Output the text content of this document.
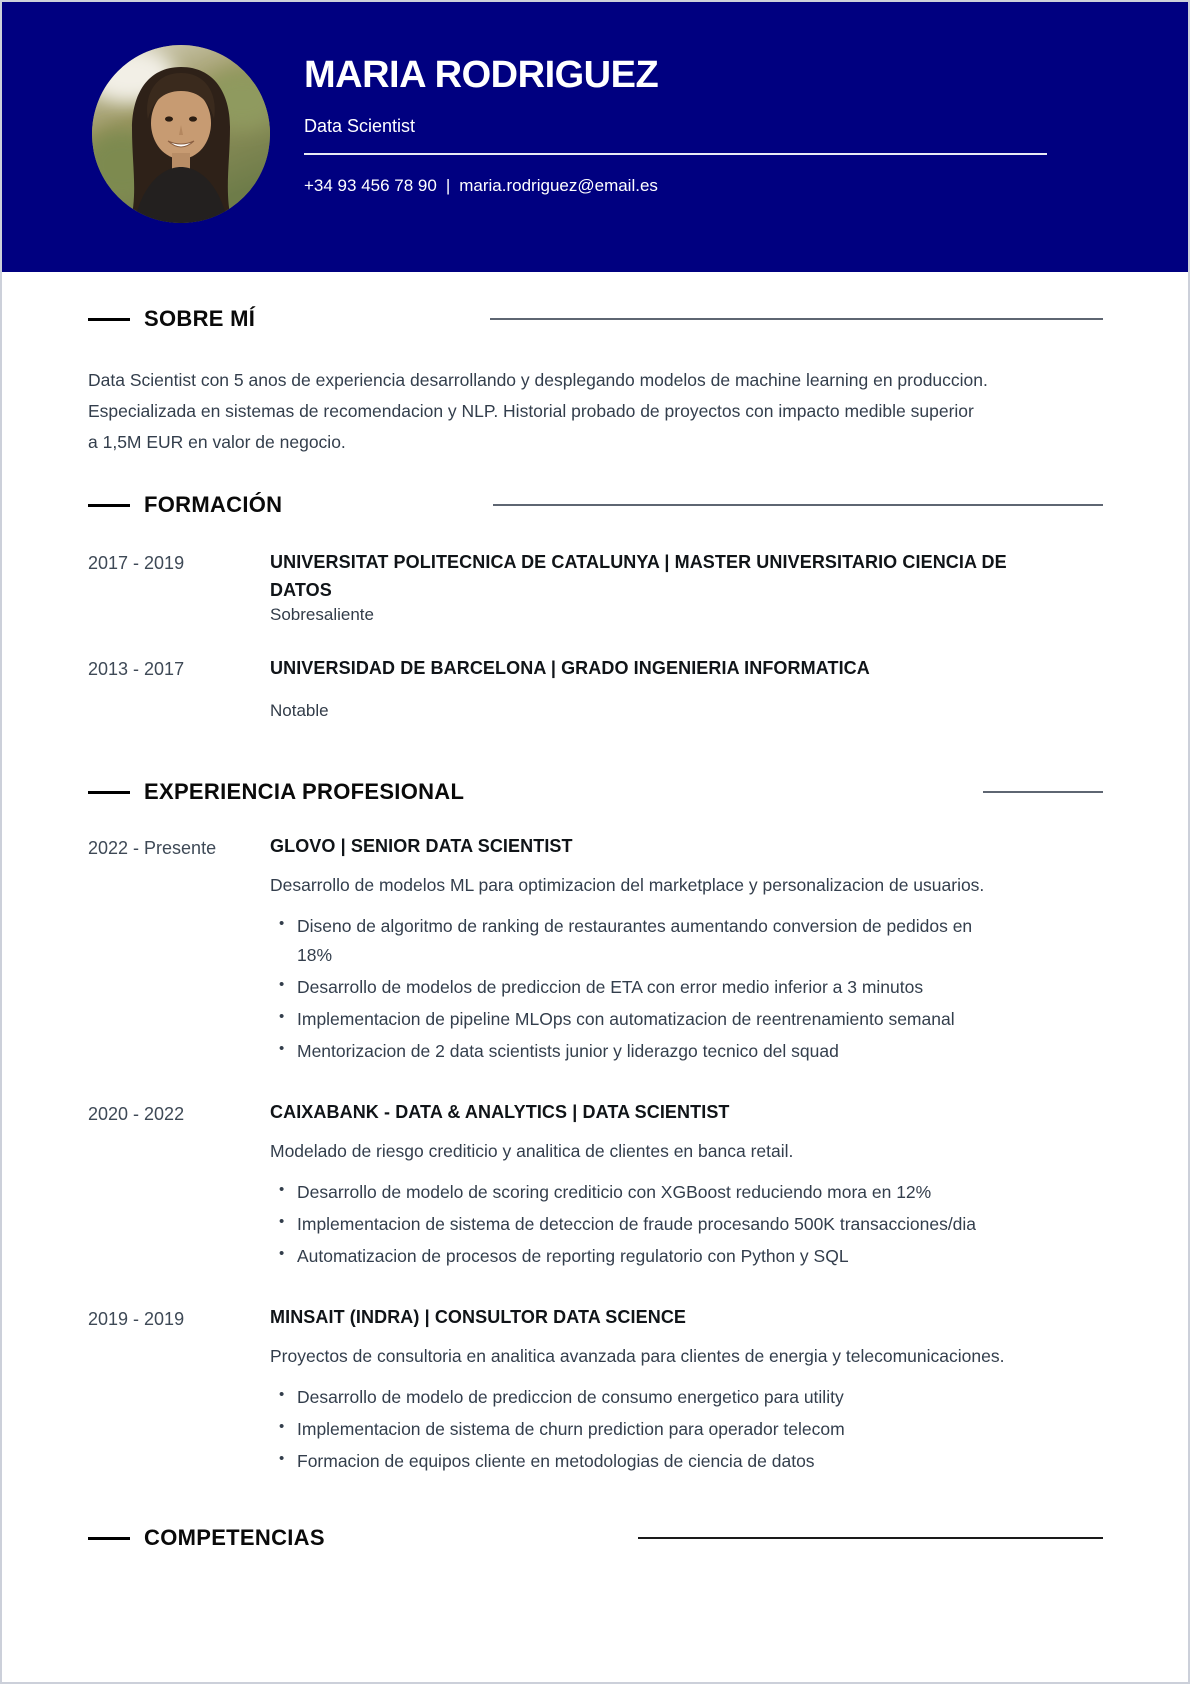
MARIA RODRIGUEZ
Data Scientist
+34 93 456 78 90 | maria.rodriguez@email.es
SOBRE MÍ

Data Scientist con 5 anos de experiencia desarrollando y desplegando modelos de machine learning en produccion. Especializada en sistemas de recomendacion y NLP. Historial probado de proyectos con impacto medible superior a 1,5M EUR en valor de negocio.

FORMACIÓN
2017 - 2019	UNIVERSITAT POLITECNICA DE CATALUNYA | MASTER UNIVERSITARIO CIENCIA DE DATOS
Sobresaliente
2013 - 2017	UNIVERSIDAD DE BARCELONA | GRADO INGENIERIA INFORMATICA
Notable
EXPERIENCIA PROFESIONAL
2022 - Presente	GLOVO | SENIOR DATA SCIENTIST
Desarrollo de modelos ML para optimizacion del marketplace y personalizacion de usuarios.
• Diseno de algoritmo de ranking de restaurantes aumentando conversion de pedidos en 18%
• Desarrollo de modelos de prediccion de ETA con error medio inferior a 3 minutos
• Implementacion de pipeline MLOps con automatizacion de reentrenamiento semanal
• Mentorizacion de 2 data scientists junior y liderazgo tecnico del squad
2020 - 2022	CAIXABANK - DATA & ANALYTICS | DATA SCIENTIST
Modelado de riesgo crediticio y analitica de clientes en banca retail.
• Desarrollo de modelo de scoring crediticio con XGBoost reduciendo mora en 12%
• Implementacion de sistema de deteccion de fraude procesando 500K transacciones/dia
• Automatizacion de procesos de reporting regulatorio con Python y SQL
2019 - 2019	MINSAIT (INDRA) | CONSULTOR DATA SCIENCE
Proyectos de consultoria en analitica avanzada para clientes de energia y telecomunicaciones.
• Desarrollo de modelo de prediccion de consumo energetico para utility
• Implementacion de sistema de churn prediction para operador telecom
• Formacion de equipos cliente en metodologias de ciencia de datos
COMPETENCIAS
